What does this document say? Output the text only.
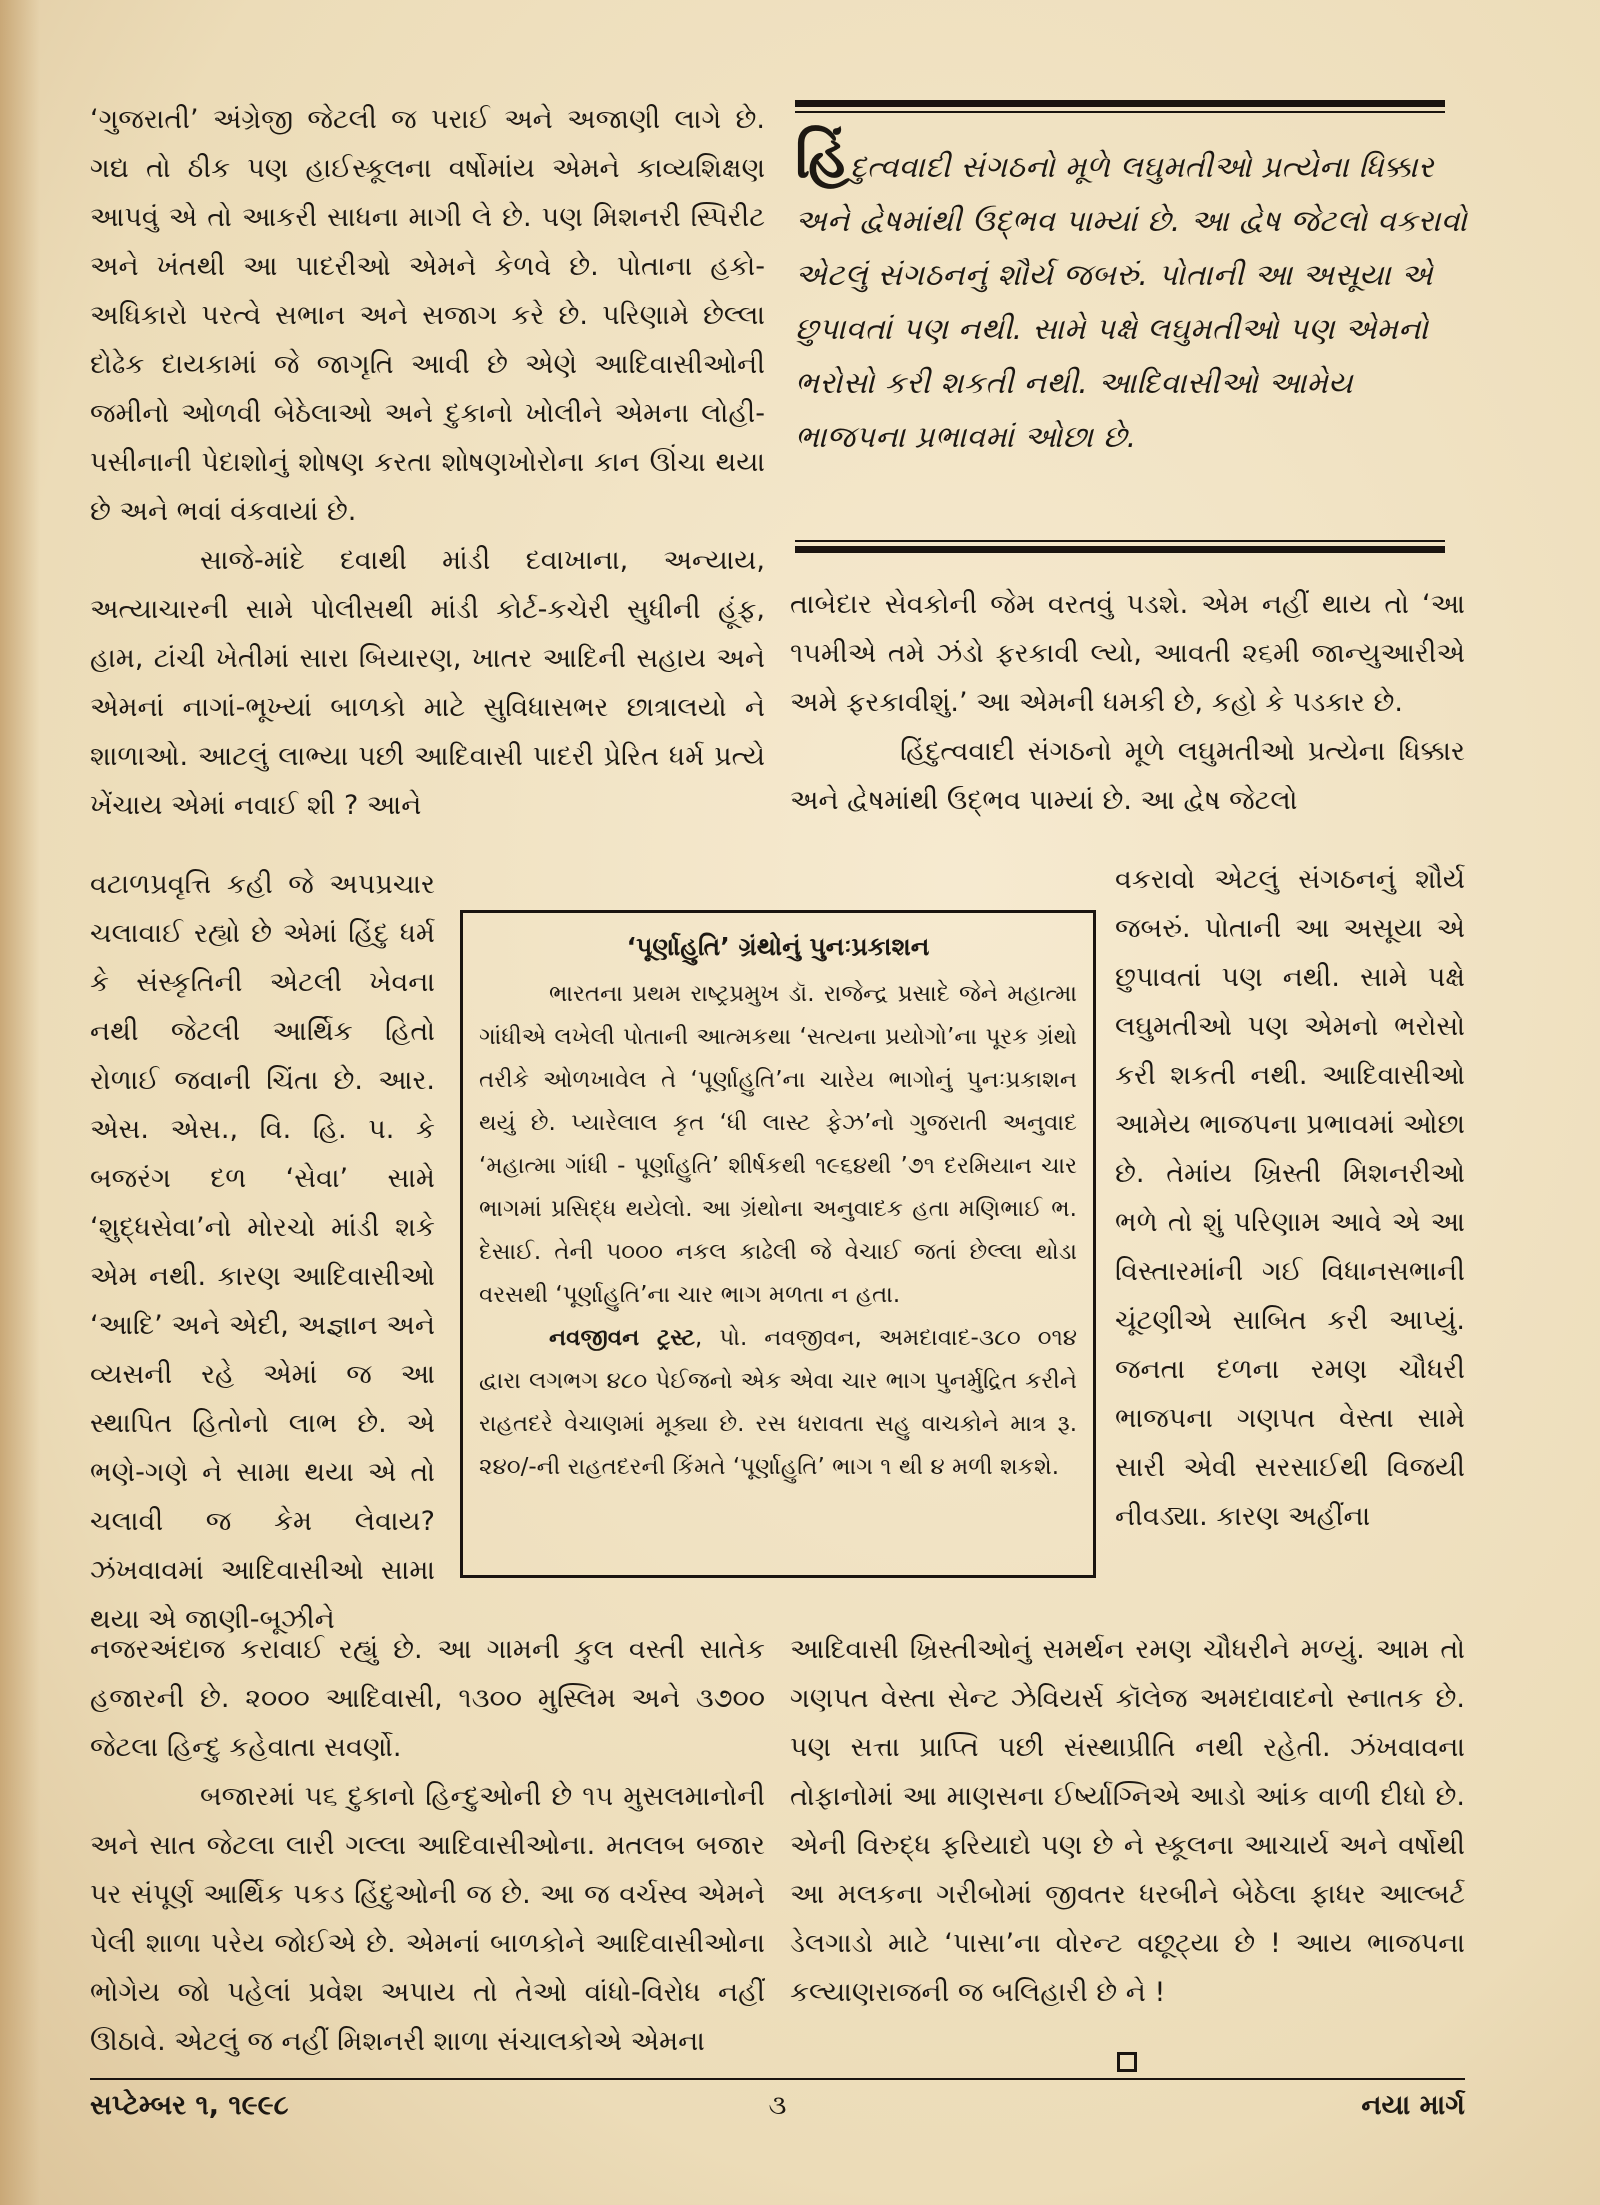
‘ગુજરાતી’ અંગ્રેજી જેટલી જ પરાઈ અને અજાણી લાગે છે. ગદ્ય તો ઠીક પણ હાઈસ્કૂલના વર્ષોમાંય એમને કાવ્યશિક્ષણ આપવું એ તો આકરી સાધના માગી લે છે. પણ મિશનરી સ્પિરીટ અને ખંતથી આ પાદરીઓ એમને કેળવે છે. પોતાના હકો-અધિકારો પરત્વે સભાન અને સજાગ કરે છે. પરિણામે છેલ્લા દોઢેક દાયકામાં જે જાગૃતિ આવી છે એણે આદિવાસીઓની જમીનો ઓળવી બેઠેલાઓ અને દુકાનો ખોલીને એમના લોહી-પસીનાની પેદાશોનું શોષણ કરતા શોષણખોરોના કાન ઊંચા થયા છે અને ભવાં વંકવાયાં છે.

સાજે-માંદે દવાથી માંડી દવાખાના, અન્યાય, અત્યાચારની સામે પોલીસથી માંડી કોર્ટ-કચેરી સુધીની હૂંફ, હામ, ટાંચી ખેતીમાં સારા બિયારણ, ખાતર આદિની સહાય અને એમનાં નાગાં-ભૂખ્યાં બાળકો માટે સુવિધાસભર છાત્રાલયો ને શાળાઓ. આટલું લાભ્યા પછી આદિવાસી પાદરી પ્રેરિત ધર્મ પ્રત્યે ખેંચાય એમાં નવાઈ શી ? આને

વટાળપ્રવૃત્તિ કહી જે અપપ્રચાર ચલાવાઈ રહ્યો છે એમાં હિંદુ ધર્મ કે સંસ્કૃતિની એટલી ખેવના નથી જેટલી આર્થિક હિતો રોળાઈ જવાની ચિંતા છે. આર. એસ. એસ., વિ. હિ. પ. કે બજરંગ દળ ‘સેવા’ સામે ‘શુદ્ધસેવા’નો મોરચો માંડી શકે એમ નથી. કારણ આદિવાસીઓ ‘આદિ’ અને એદી, અજ્ઞાન અને વ્યસની રહે એમાં જ આ સ્થાપિત હિતોનો લાભ છે. એ ભણે-ગણે ને સામા થયા એ તો ચલાવી જ કેમ લેવાય? ઝંખવાવમાં આદિવાસીઓ સામા થયા એ જાણી-બૂઝીને

નજરઅંદાજ કરાવાઈ રહ્યું છે. આ ગામની કુલ વસ્તી સાતેક હજારની છે. ૨૦૦૦ આદિવાસી, ૧૩૦૦ મુસ્લિમ અને ૩૭૦૦ જેટલા હિન્દુ કહેવાતા સવર્ણો.

બજારમાં ૫૬ દુકાનો હિન્દુઓની છે ૧૫ મુસલમાનોની અને સાત જેટલા લારી ગલ્લા આદિવાસીઓના. મતલબ બજાર પર સંપૂર્ણ આર્થિક પકડ હિંદુઓની જ છે. આ જ વર્ચસ્વ એમને પેલી શાળા પરેય જોઈએ છે. એમનાં બાળકોને આદિવાસીઓના ભોગેય જો પહેલાં પ્રવેશ અપાય તો તેઓ વાંધો-વિરોધ નહીં ઊઠાવે. એટલું જ નહીં મિશનરી શાળા સંચાલકોએ એમના

હિંદુત્વવાદી સંગઠનો મૂળે લઘુમતીઓ પ્રત્યેના ધિક્કાર અને દ્વેષમાંથી ઉદ્‌ભવ પામ્યાં છે. આ દ્વેષ જેટલો વકરાવો એટલું સંગઠનનું શૌર્ય જબરું. પોતાની આ અસૂયા એ છુપાવતાં પણ નથી. સામે પક્ષે લઘુમતીઓ પણ એમનો ભરોસો કરી શકતી નથી. આદિવાસીઓ આમેય ભાજપના પ્રભાવમાં ઓછા છે.

તાબેદાર સેવકોની જેમ વરતવું પડશે. એમ નહીં થાય તો ‘આ ૧૫મીએ તમે ઝંડો ફરકાવી લ્યો, આવતી ૨૬મી જાન્યુઆરીએ અમે ફરકાવીશું.’ આ એમની ધમકી છે, કહો કે પડકાર છે.

હિંદુત્વવાદી સંગઠનો મૂળે લઘુમતીઓ પ્રત્યેના ધિક્કાર અને દ્વેષમાંથી ઉદ્‌ભવ પામ્યાં છે. આ દ્વેષ જેટલો

વકરાવો એટલું સંગઠનનું શૌર્ય જબરું. પોતાની આ અસૂયા એ છુપાવતાં પણ નથી. સામે પક્ષે લઘુમતીઓ પણ એમનો ભરોસો કરી શકતી નથી. આદિવાસીઓ આમેય ભાજપના પ્રભાવમાં ઓછા છે. તેમાંય ખ્રિસ્તી મિશનરીઓ ભળે તો શું પરિણામ આવે એ આ વિસ્તારમાંની ગઈ વિધાનસભાની ચૂંટણીએ સાબિત કરી આપ્યું. જનતા દળના રમણ ચૌધરી ભાજપના ગણપત વેસ્તા સામે સારી એવી સરસાઈથી વિજયી નીવડ્યા. કારણ અહીંના

આદિવાસી ખ્રિસ્તીઓનું સમર્થન રમણ ચૌધરીને મળ્યું. આમ તો ગણપત વેસ્તા સેન્ટ ઝેવિયર્સ કૉલેજ અમદાવાદનો સ્નાતક છે. પણ સત્તા પ્રાપ્તિ પછી સંસ્થાપ્રીતિ નથી રહેતી. ઝંખવાવના તોફાનોમાં આ માણસના ઈર્ષ્યાગ્નિએ આડો આંક વાળી દીધો છે. એની વિરુદ્ધ ફરિયાદો પણ છે ને સ્કૂલના આચાર્ય અને વર્ષોથી આ મલકના ગરીબોમાં જીવતર ધરબીને બેઠેલા ફાધર આલ્બર્ટ ડેલગાડો માટે ‘પાસા’ના વોરન્ટ વછૂટ્યા છે ! આય ભાજપના કલ્યાણરાજની જ બલિહારી છે ને !

‘પૂર્ણાહુતિ’ ગ્રંથોનું પુનઃપ્રકાશન

ભારતના પ્રથમ રાષ્ટ્રપ્રમુખ ડૉ. રાજેન્દ્ર પ્રસાદે જેને મહાત્મા ગાંધીએ લખેલી પોતાની આત્મકથા ‘સત્યના પ્રયોગો’ના પૂરક ગ્રંથો તરીકે ઓળખાવેલ તે ‘પૂર્ણાહુતિ’ના ચારેય ભાગોનું પુનઃપ્રકાશન થયું છે. પ્યારેલાલ કૃત ‘ધી લાસ્ટ ફેઝ’નો ગુજરાતી અનુવાદ ‘મહાત્મા ગાંધી - પૂર્ણાહુતિ’ શીર્ષકથી ૧૯૬૪થી ’૭૧ દરમિયાન ચાર ભાગમાં પ્રસિદ્ધ થયેલો. આ ગ્રંથોના અનુવાદક હતા મણિભાઈ ભ. દેસાઈ. તેની ૫૦૦૦ નકલ કાઢેલી જે વેચાઈ જતાં છેલ્લા થોડા વરસથી ‘પૂર્ણાહુતિ’ના ચાર ભાગ મળતા ન હતા.

નવજીવન ટ્રસ્ટ, પો. નવજીવન, અમદાવાદ-૩૮૦ ૦૧૪ દ્વારા લગભગ ૪૮૦ પેઈજનો એક એવા ચાર ભાગ પુનર્મુદ્રિત કરીને રાહતદરે વેચાણમાં મૂક્યા છે. રસ ધરાવતા સહુ વાચકોને માત્ર રૂ. ૨૪૦/-ની રાહતદરની કિંમતે ‘પૂર્ણાહુતિ’ ભાગ ૧ થી ૪ મળી શકશે.

સપ્ટેમ્બર ૧, ૧૯૯૮	૩	નયા માર્ગ
